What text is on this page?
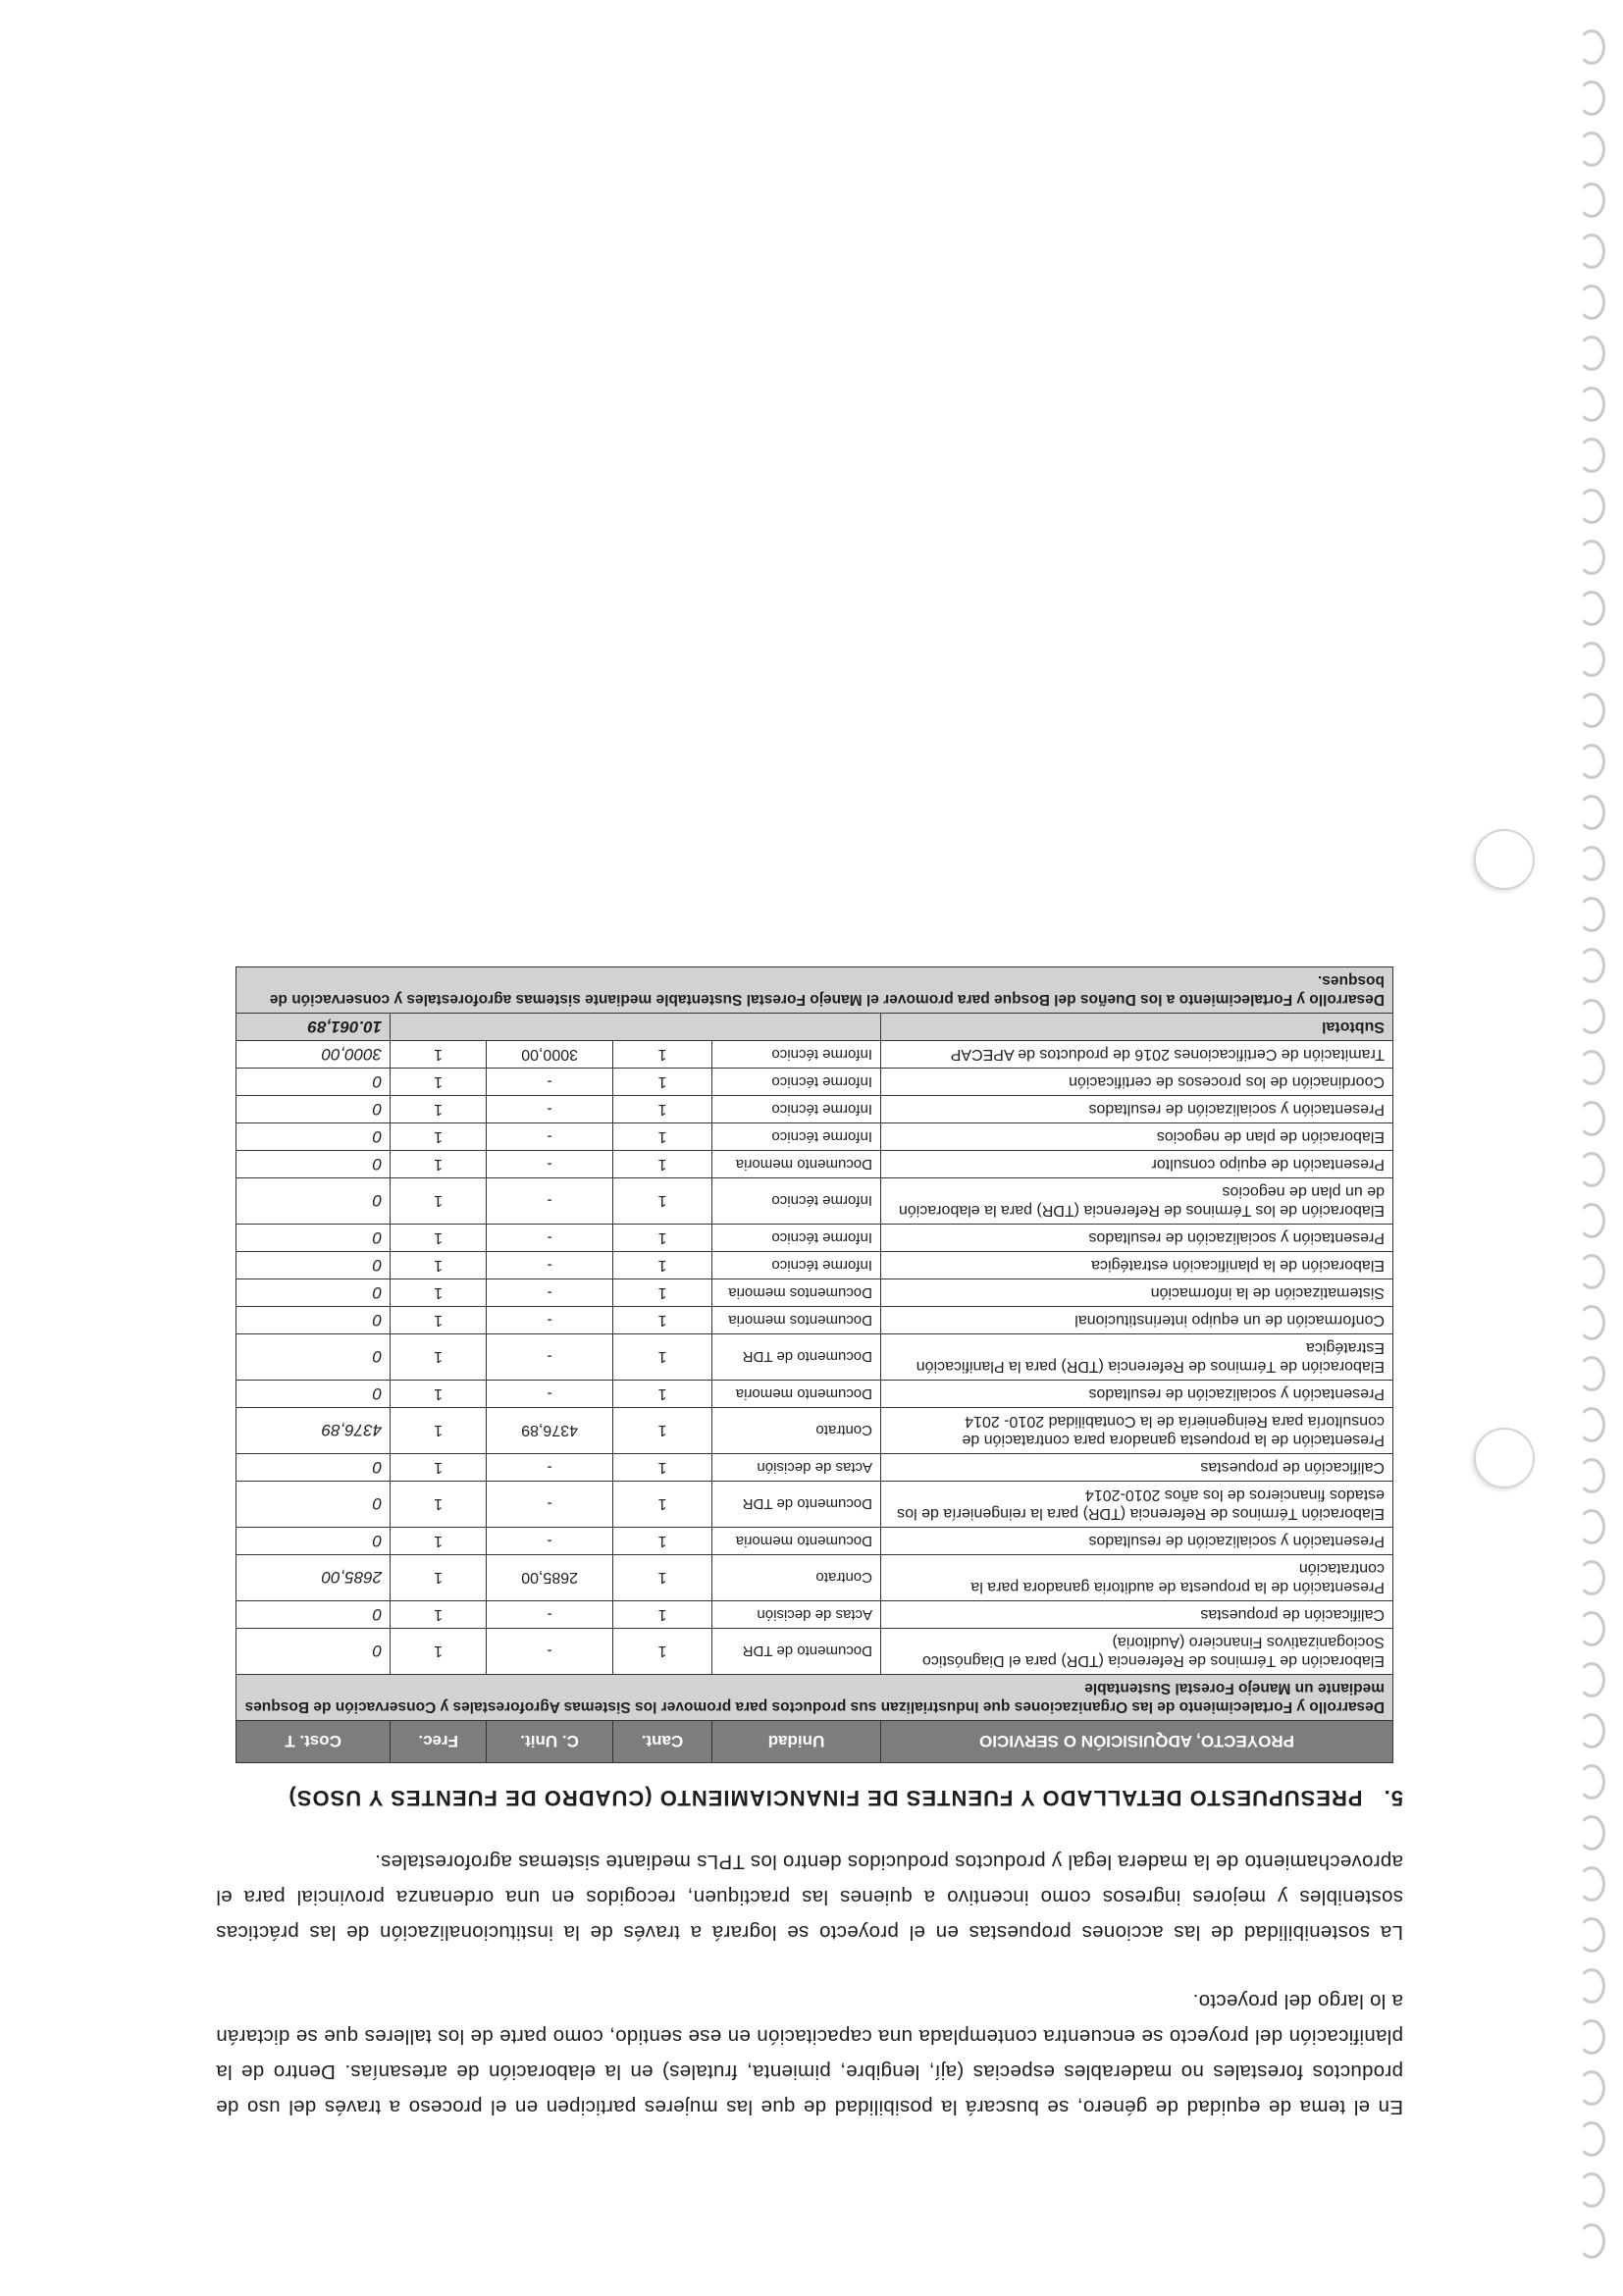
En el tema de equidad de género, se buscará la posibilidad de que las mujeres participen en el proceso a través del uso de productos forestales no maderables especias (ají, lengibre, pimienta, frutales) en la elaboración de artesanías. Dentro de la planificación del proyecto se encuentra contemplada una capacitación en ese sentido, como parte de los talleres que se dictarán a lo largo del proyecto.

La sostenibilidad de las acciones propuestas en el proyecto se logrará a través de la institucionalización de las prácticas sostenibles y mejores ingresos como incentivo a quienes las practiquen, recogidos en una ordenanza provincial para el aprovechamiento de la madera legal y productos producidos dentro los TPLs mediante sistemas agroforestales.

5. PRESUPUESTO DETALLADO Y FUENTES DE FINANCIAMIENTO (CUADRO DE FUENTES Y USOS)
PROYECTO, ADQUISICIÓN O SERVICIO	Unidad	Cant.	C. Unit.	Frec.	Cost. T
Desarrollo y Fortalecimiento de las Organizaciones que Industrializan sus productos para promover los Sistemas Agroforestales y Conservación de Bosques mediante un Manejo Forestal Sustentable					
Elaboración de Términos de Referencia (TDR) para el Diagnóstico Socioganizativos Financiero (Auditoria)	Documento de TDR	1	-	1	0
Calificación de propuestas	Actas de decisión	1	-	1	0
Presentación de la propuesta de auditoria ganadora para la contratación	Contrato	1	2685,00	1	2685,00
Presentación y socialización de resultados	Documento memoria	1	-	1	0
Elaboración Términos de Referencia (TDR) para la reingeniería de los estados financieros de los años 2010-2014	Documento de TDR	1	-	1	0
Calificación de propuestas	Actas de decisión	1	-	1	0
Presentación de la propuesta ganadora para contratación de consultoría para Reingeniería de la Contabilidad 2010- 2014	Contrato	1	4376,89	1	4376,89
Presentación y socialización de resultados	Documento memoria	1	-	1	0
Elaboración de Términos de Referencia (TDR) para la Planificación Estratégica	Documento de TDR	1	-	1	0
Conformación de un equipo interinstitucional	Documentos memoria	1	-	1	0
Sistematización de la información	Documentos memoria	1	-	1	0
Elaboración de la planificación estratégica	Informe técnico	1	-	1	0
Presentación y socialización de resultados	Informe técnico	1	-	1	0
Elaboración de los Términos de Referencia (TDR) para la elaboración de un plan de negocios	Informe técnico	1	-	1	0
Presentación de equipo consultor	Documento memoria	1	-	1	0
Elaboración de plan de negocios	Informe técnico	1	-	1	0
Presentación y socialización de resultados	Informe técnico	1	-	1	0
Coordinación de los procesos de certificación	Informe técnico	1	-	1	0
Tramitación de Certificaciones 2016 de productos de APECAP	Informe técnico	1	3000,00	1	3000,00
Subtotal					10.061,89
Desarrollo y Fortalecimiento a los Dueños del Bosque para promover el Manejo Forestal Sustentable mediante sistemas agroforestales y conservación de bosques.					
